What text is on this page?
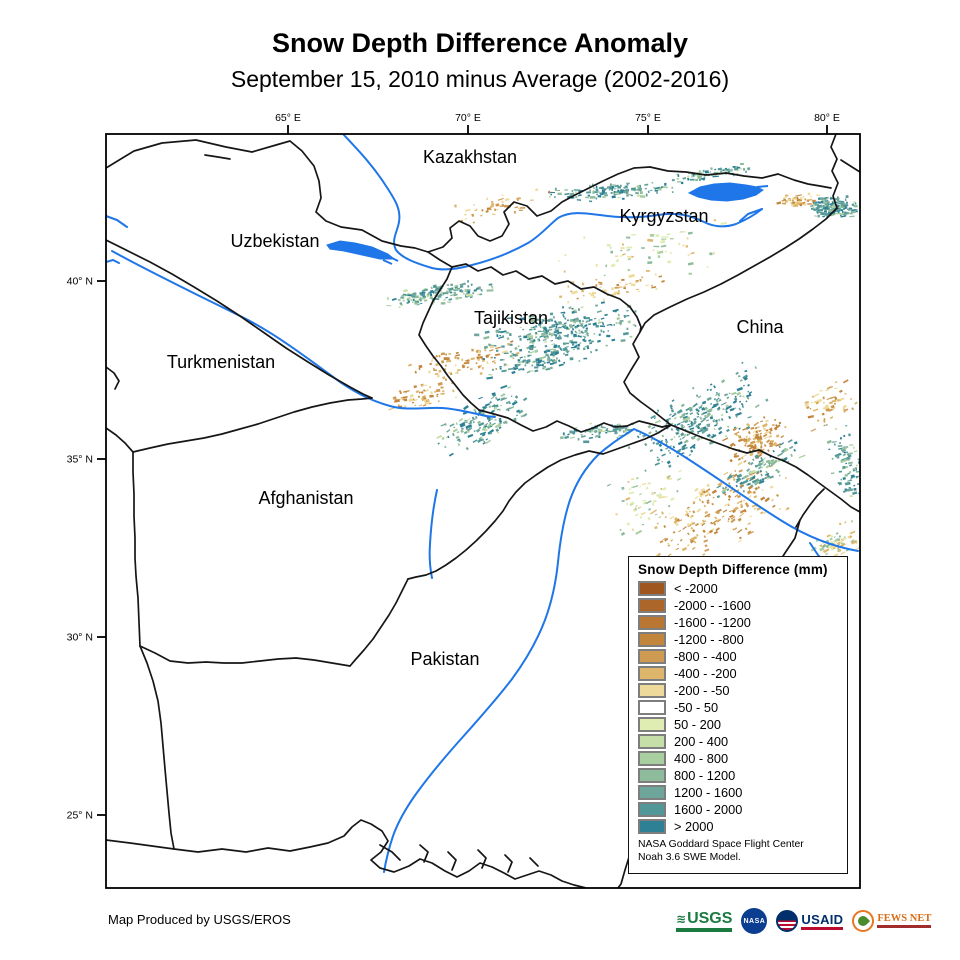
Snow Depth Difference Anomaly
September 15, 2010 minus Average (2002-2016)
65° E	70° E	75° E	80° E
40° N
35° N
30° N
25° N
Kazakhstan
Uzbekistan
Kyrgyzstan
Turkmenistan
Tajikistan	China
Afghanistan
Pakistan
Snow Depth Difference (mm)
< -2000
-2000 - -1600
-1600 - -1200
-1200 - -800
-800 - -400
-400 - -200
-200 - -50
-50 - 50
50 - 200
200 - 400
400 - 800
800 - 1200
1200 - 1600
1600 - 2000
> 2000
NASA Goddard Space Flight Center
Noah 3.6 SWE Model.
Map Produced by USGS/EROS	≋ USGS NASA	USAID	FEWS NET
